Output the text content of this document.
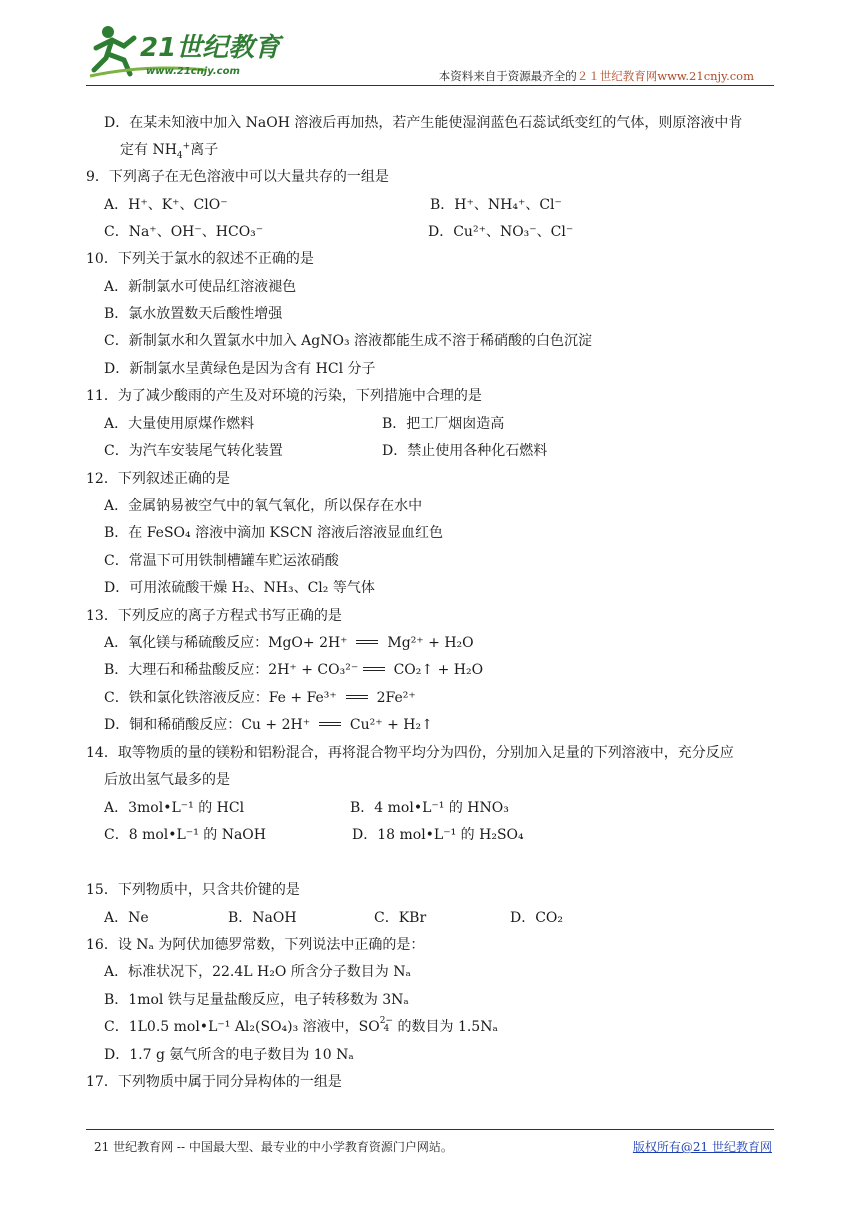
21世纪教育
www.21cnjy.com	本资料来自于资源最齐全的２１世纪教育网www.21cnjy.com
D．在某未知液中加入 NaOH 溶液后再加热，若产生能使湿润蓝色石蕊试纸变红的气体，则原溶液中肯
定有 $NH_4^+$离子
9．下列离子在无色溶液中可以大量共存的一组是
A．H⁺、K⁺、ClO⁻	B．H⁺、NH₄⁺、Cl⁻
C．Na⁺、OH⁻、HCO₃⁻	D．Cu²⁺、NO₃⁻、Cl⁻
10．下列关于氯水的叙述不正确的是
A．新制氯水可使品红溶液褪色
B．氯水放置数天后酸性增强
C．新制氯水和久置氯水中加入 AgNO₃ 溶液都能生成不溶于稀硝酸的白色沉淀
D．新制氯水呈黄绿色是因为含有 HCl 分子
11．为了减少酸雨的产生及对环境的污染，下列措施中合理的是
A．大量使用原煤作燃料	B．把工厂烟囱造高
C．为汽车安装尾气转化装置	D．禁止使用各种化石燃料
12．下列叙述正确的是
A．金属钠易被空气中的氧气氧化，所以保存在水中
B．在 FeSO₄ 溶液中滴加 KSCN 溶液后溶液显血红色
C．常温下可用铁制槽罐车贮运浓硝酸
D．可用浓硫酸干燥 H₂、NH₃、Cl₂ 等气体
13．下列反应的离子方程式书写正确的是
A．氧化镁与稀硫酸反应：MgO+ 2H⁺	Mg²⁺ + H₂O
B．大理石和稀盐酸反应：2H⁺ + CO₃²⁻	CO₂↑ + H₂O
C．铁和氯化铁溶液反应：Fe + Fe³⁺	2Fe²⁺
D．铜和稀硝酸反应：Cu + 2H⁺	Cu²⁺ + H₂↑
14．取等物质的量的镁粉和铝粉混合，再将混合物平均分为四份，分别加入足量的下列溶液中，充分反应
后放出氢气最多的是
A．3mol•L⁻¹ 的 HCl	B．4 mol•L⁻¹ 的 HNO₃
C．8 mol•L⁻¹ 的 NaOH	D．18 mol•L⁻¹ 的 H₂SO₄
15．下列物质中，只含共价键的是
A．Ne	B．NaOH	C．KBr	D．CO₂
16．设 Nₐ 为阿伏加德罗常数，下列说法中正确的是：
A．标准状况下，22.4L H₂O 所含分子数目为 Nₐ
B．1mol 铁与足量盐酸反应，电子转移数为 3Nₐ
C．1L0.5 mol•L⁻¹ Al₂(SO₄)₃ 溶液中，SO 2−
4 的数目为 1.5Nₐ
D．1.7 g 氨气所含的电子数目为 10 Nₐ
17．下列物质中属于同分异构体的一组是
21 世纪教育网 -- 中国最大型、最专业的中小学教育资源门户网站。	版权所有@21 世纪教育网
